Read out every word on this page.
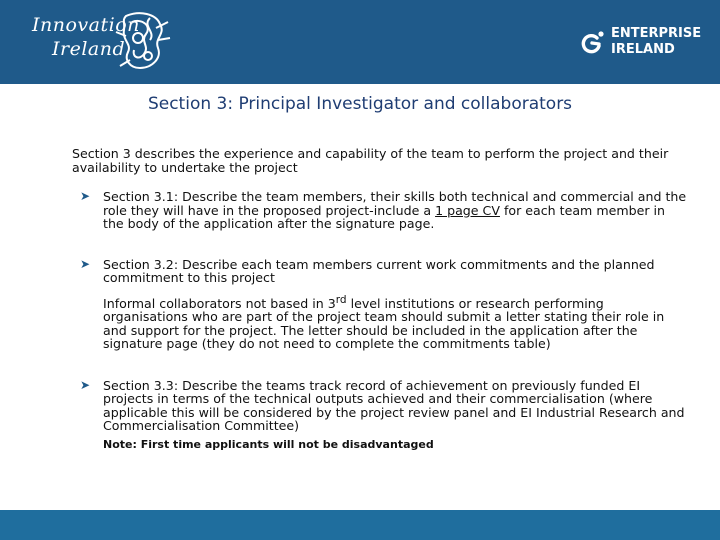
Innovation
Ireland
ENTERPRISE
IRELAND
Section 3: Principal Investigator and collaborators

Section 3 describes the experience and capability of the team to perform the project and their availability to undertake the project

➤ Section 3.1: Describe the team members, their skills both technical and commercial and the role they will have in the proposed project-include a 1 page CV for each team member in the body of the application after the signature page.
➤ Section 3.2: Describe each team members current work commitments and the planned commitment to this project
Informal collaborators not based in 3rd level institutions or research performing organisations who are part of the project team should submit a letter stating their role in and support for the project. The letter should be included in the application after the signature page (they do not need to complete the commitments table)
➤ Section 3.3: Describe the teams track record of achievement on previously funded EI projects in terms of the technical outputs achieved and their commercialisation (where applicable this will be considered by the project review panel and EI Industrial Research and Commercialisation Committee)
Note: First time applicants will not be disadvantaged
